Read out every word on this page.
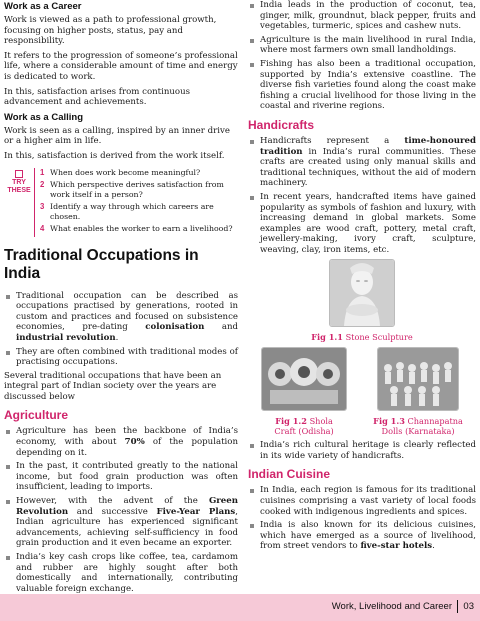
Work as a Career

Work is viewed as a path to professional growth, focusing on higher posts, status, pay and responsibility.

It refers to the progression of someone’s professional life, where a considerable amount of time and energy is dedicated to work.

In this, satisfaction arises from continuous advancement and achievements.

Work as a Calling

Work is seen as a calling, inspired by an inner drive or a higher aim in life.

In this, satisfaction is derived from the work itself.

TRY
THESE
1 When does work become meaningful?
2 Which perspective derives satisfaction from work itself in a person?
3 Identify a way through which careers are chosen.
4 What enables the worker to earn a livelihood?
Traditional Occupations in India
Traditional occupation can be described as occupations practised by generations, rooted in custom and practices and focused on subsistence economies, pre-dating colonisation and industrial revolution.
They are often combined with traditional modes of practising occupations.

Several traditional occupations that have been an integral part of Indian society over the years are discussed below

Agriculture
Agriculture has been the backbone of India’s economy, with about 70% of the population depending on it.
In the past, it contributed greatly to the national income, but food grain production was often insufficient, leading to imports.
However, with the advent of the Green Revolution and successive Five-Year Plans, Indian agriculture has experienced significant advancements, achieving self-sufficiency in food grain production and it even became an exporter.
India’s key cash crops like coffee, tea, cardamom and rubber are highly sought after both domestically and internationally, contributing valuable foreign exchange.
India leads in the production of coconut, tea, ginger, milk, groundnut, black pepper, fruits and vegetables, turmeric, spices and cashew nuts.
Agriculture is the main livelihood in rural India, where most farmers own small landholdings.
Fishing has also been a traditional occupation, supported by India’s extensive coastline. The diverse fish varieties found along the coast make fishing a crucial livelihood for those living in the coastal and riverine regions.
Handicrafts
Handicrafts represent a time-honoured tradition in India’s rural communities. These crafts are created using only manual skills and traditional techniques, without the aid of modern machinery.
In recent years, handcrafted items have gained popularity as symbols of fashion and luxury, with increasing demand in global markets. Some examples are wood craft, pottery, metal craft, jewellery-making, ivory craft, sculpture, weaving, clay, iron items, etc.
Fig 1.1 Stone Sculpture
Fig 1.2 Shola
Craft (Odisha)
Fig 1.3 Channapatna
Dolls (Karnataka)
India’s rich cultural heritage is clearly reflected in its wide variety of handicrafts.
Indian Cuisine
In India, each region is famous for its traditional cuisines comprising a vast variety of local foods cooked with indigenous ingredients and spices.
India is also known for its delicious cuisines, which have emerged as a source of livelihood, from street vendors to five-star hotels.
Work, Livelihood and Career 03
